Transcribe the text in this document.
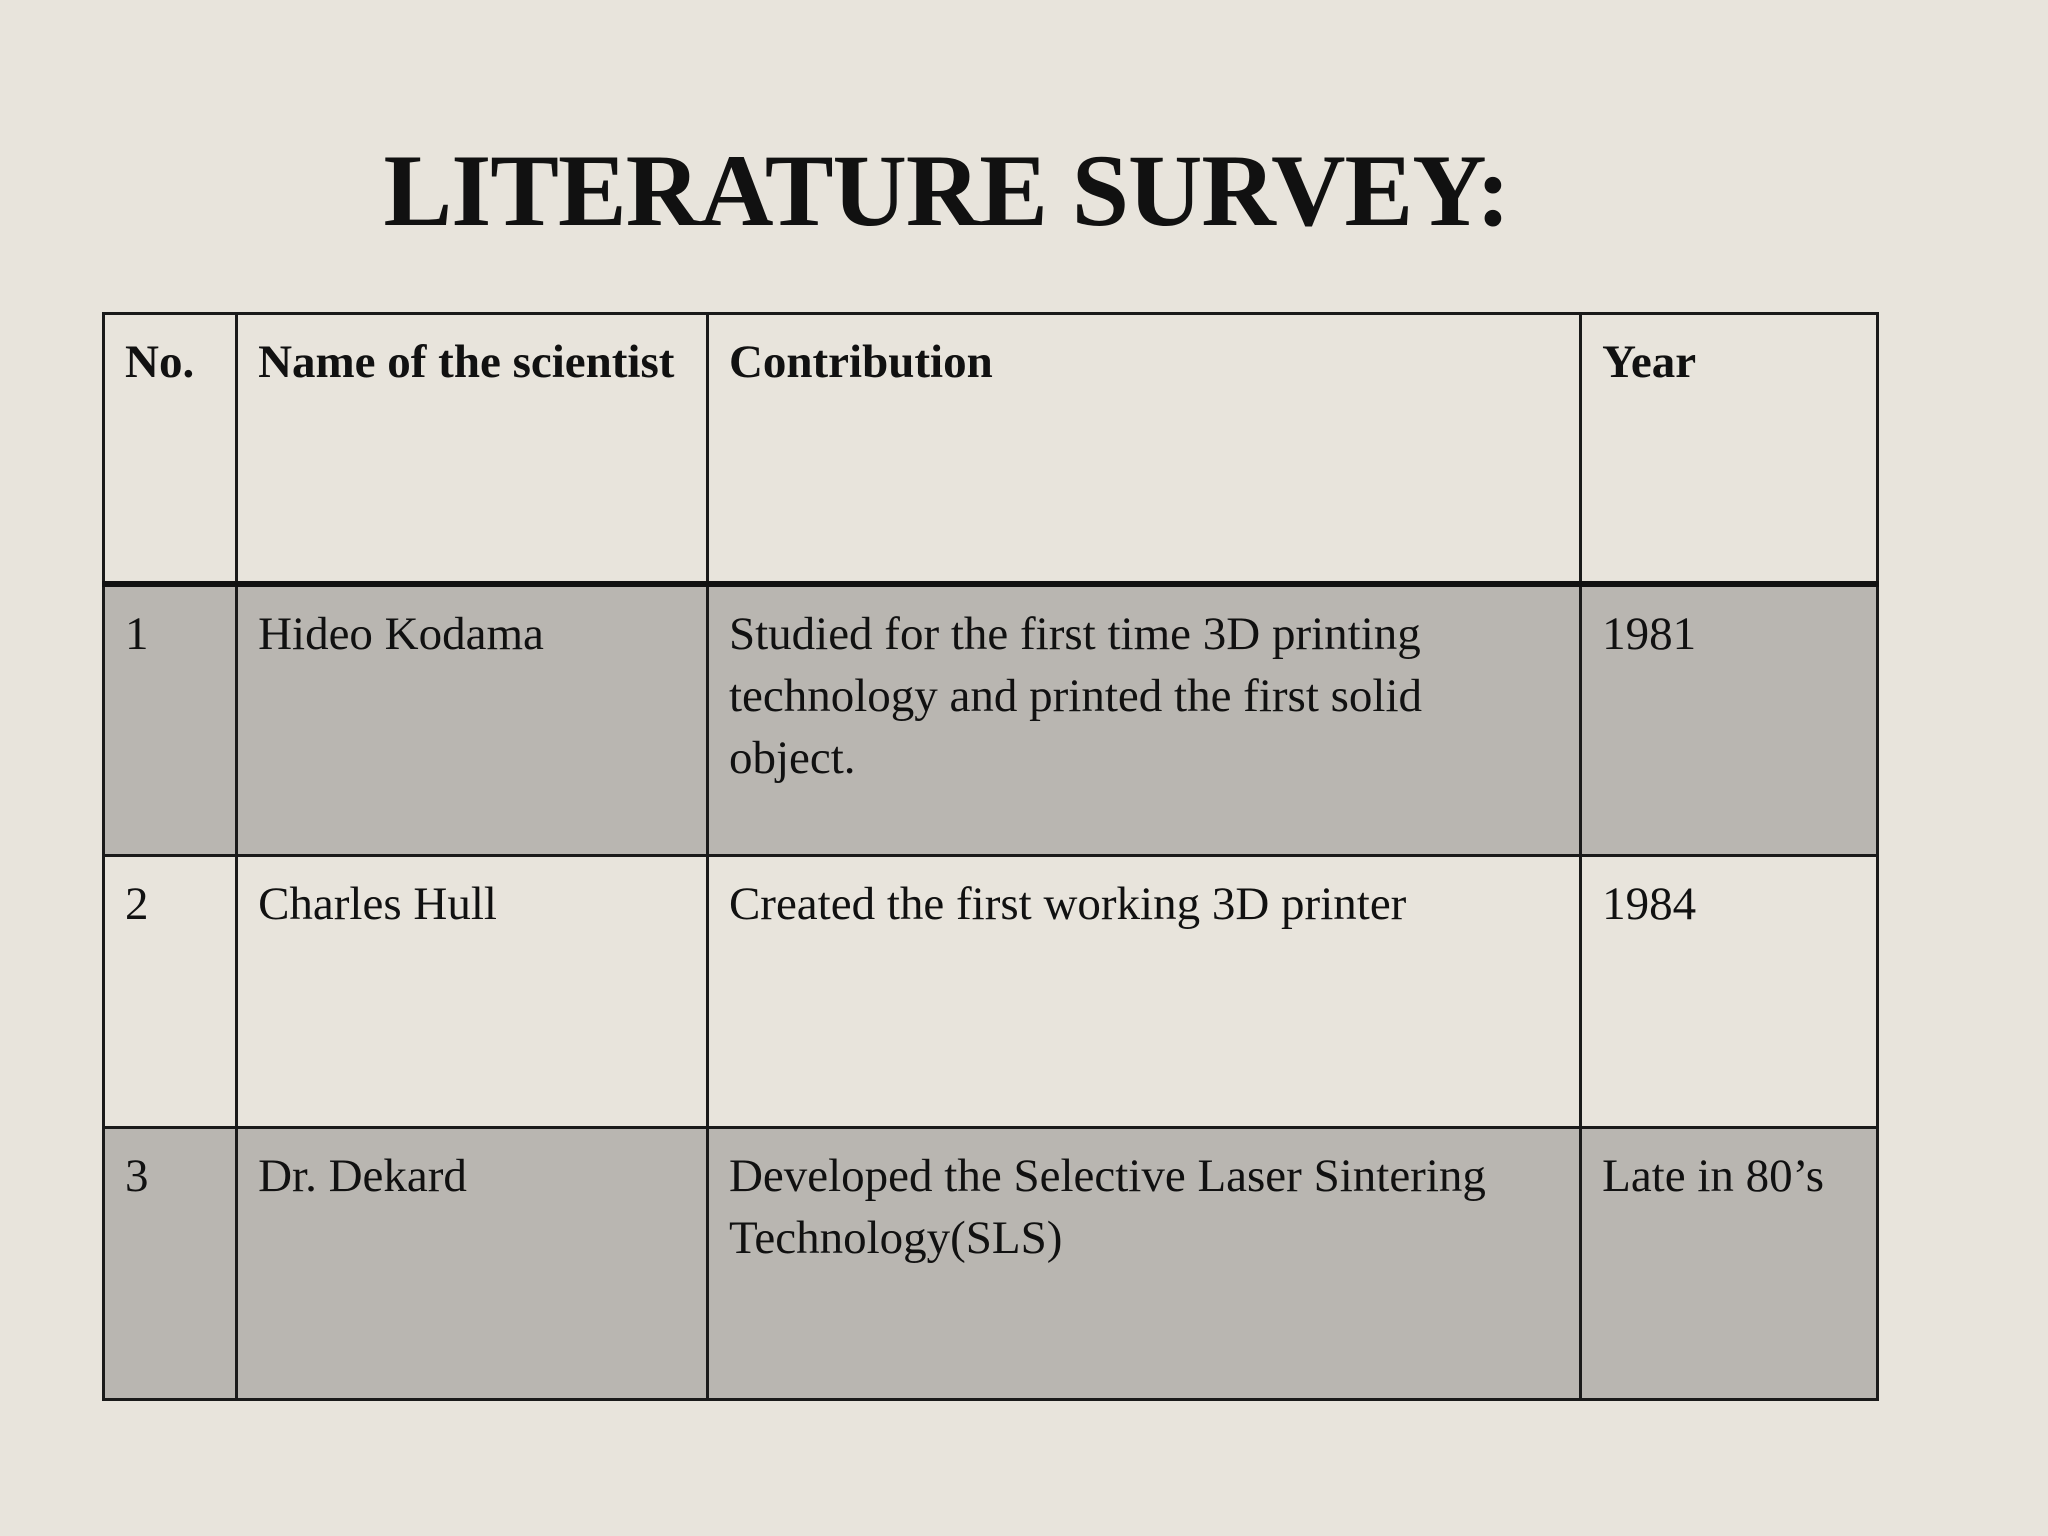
LITERATURE SURVEY:
No.	Name of the scientist	Contribution	Year
1	Hideo Kodama	Studied for the first time 3D printing technology and printed the first solid object.	1981
2	Charles Hull	Created the first working 3D printer	1984
3	Dr. Dekard	Developed the Selective Laser Sintering Technology(SLS)	Late in 80’s
